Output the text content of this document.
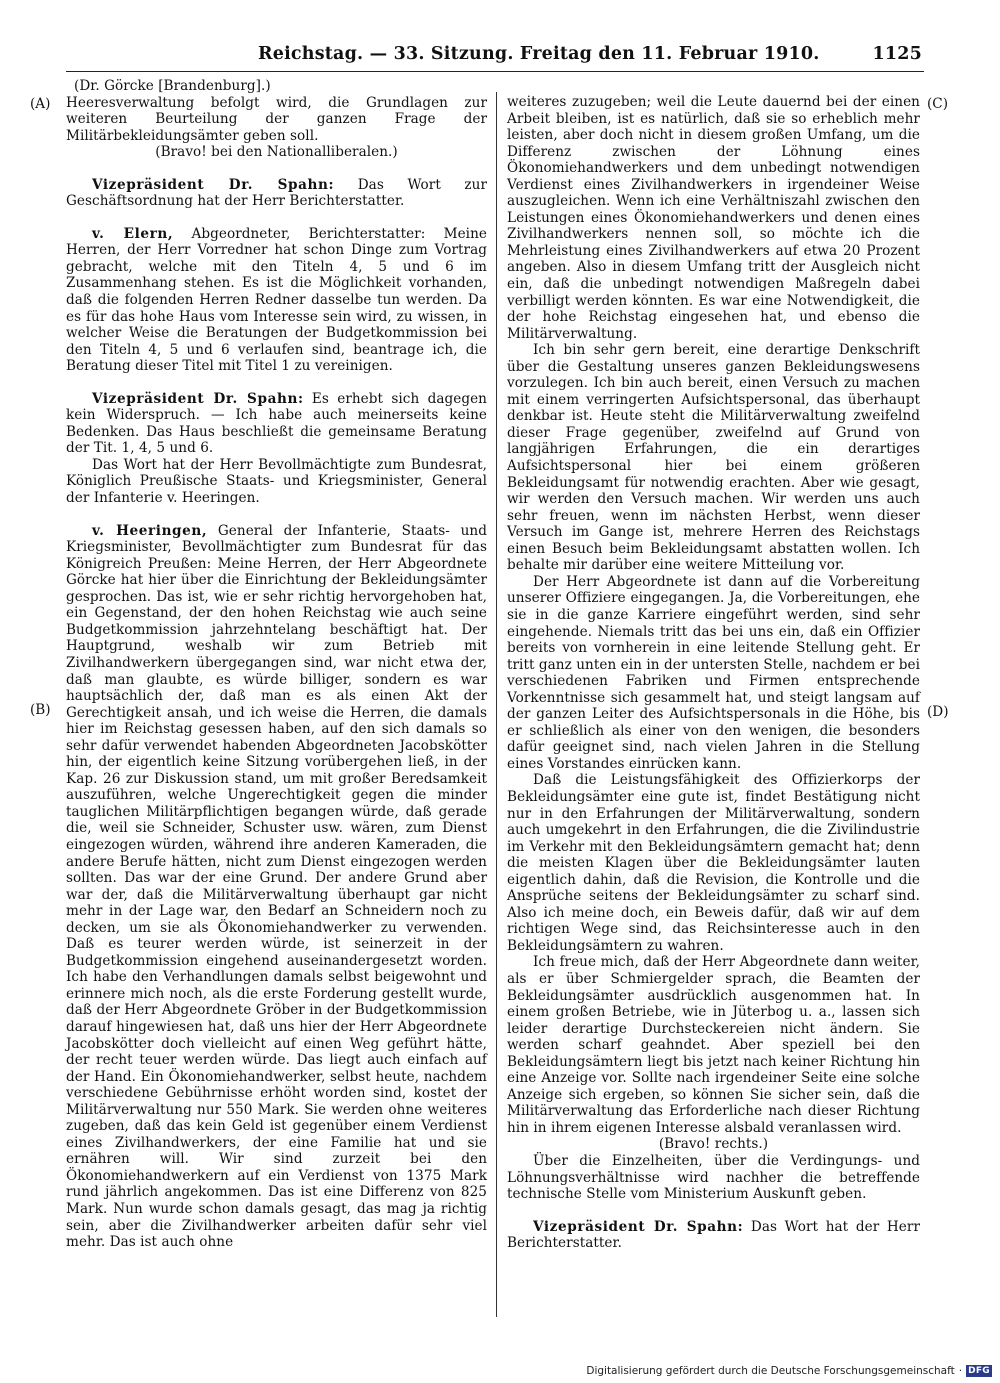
Reichstag. — 33. Sitzung. Freitag den 11. Februar 1910.	1125
(A)
(B)
(C)
(D)

(Dr. Görcke [Brandenburg].)

Heeresverwaltung befolgt wird, die Grundlagen zur weiteren Beurteilung der ganzen Frage der Militärbekleidungsämter geben soll.

(Bravo! bei den Nationalliberalen.)

Vizepräsident Dr. Spahn: Das Wort zur Geschäftsordnung hat der Herr Berichterstatter.

v. Elern, Abgeordneter, Berichterstatter: Meine Herren, der Herr Vorredner hat schon Dinge zum Vortrag gebracht, welche mit den Titeln 4, 5 und 6 im Zusammenhang stehen. Es ist die Möglichkeit vorhanden, daß die folgenden Herren Redner dasselbe tun werden. Da es für das hohe Haus vom Interesse sein wird, zu wissen, in welcher Weise die Beratungen der Budgetkommission bei den Titeln 4, 5 und 6 verlaufen sind, beantrage ich, die Beratung dieser Titel mit Titel 1 zu vereinigen.

Vizepräsident Dr. Spahn: Es erhebt sich dagegen kein Widerspruch. — Ich habe auch meinerseits keine Bedenken. Das Haus beschließt die gemeinsame Beratung der Tit. 1, 4, 5 und 6.

Das Wort hat der Herr Bevollmächtigte zum Bundesrat, Königlich Preußische Staats- und Kriegsminister, General der Infanterie v. Heeringen.

v. Heeringen, General der Infanterie, Staats- und Kriegsminister, Bevollmächtigter zum Bundesrat für das Königreich Preußen: Meine Herren, der Herr Abgeordnete Görcke hat hier über die Einrichtung der Bekleidungsämter gesprochen. Das ist, wie er sehr richtig hervorgehoben hat, ein Gegenstand, der den hohen Reichstag wie auch seine Budgetkommission jahrzehntelang beschäftigt hat. Der Hauptgrund, weshalb wir zum Betrieb mit Zivilhandwerkern übergegangen sind, war nicht etwa der, daß man glaubte, es würde billiger, sondern es war hauptsächlich der, daß man es als einen Akt der Gerechtigkeit ansah, und ich weise die Herren, die damals hier im Reichstag gesessen haben, auf den sich damals so sehr dafür verwendet habenden Abgeordneten Jacobskötter hin, der eigentlich keine Sitzung vorübergehen ließ, in der Kap. 26 zur Diskussion stand, um mit großer Beredsamkeit auszuführen, welche Ungerechtigkeit gegen die minder tauglichen Militärpflichtigen begangen würde, daß gerade die, weil sie Schneider, Schuster usw. wären, zum Dienst eingezogen würden, während ihre anderen Kameraden, die andere Berufe hätten, nicht zum Dienst eingezogen werden sollten. Das war der eine Grund. Der andere Grund aber war der, daß die Militärverwaltung überhaupt gar nicht mehr in der Lage war, den Bedarf an Schneidern noch zu decken, um sie als Ökonomiehandwerker zu verwenden. Daß es teurer werden würde, ist seinerzeit in der Budgetkommission eingehend auseinandergesetzt worden. Ich habe den Verhandlungen damals selbst beigewohnt und erinnere mich noch, als die erste Forderung gestellt wurde, daß der Herr Abgeordnete Gröber in der Budgetkommission darauf hingewiesen hat, daß uns hier der Herr Abgeordnete Jacobskötter doch vielleicht auf einen Weg geführt hätte, der recht teuer werden würde. Das liegt auch einfach auf der Hand. Ein Ökonomiehandwerker, selbst heute, nachdem verschiedene Gebührnisse erhöht worden sind, kostet der Militärverwaltung nur 550 Mark. Sie werden ohne weiteres zugeben, daß das kein Geld ist gegenüber einem Verdienst eines Zivilhandwerkers, der eine Familie hat und sie ernähren will. Wir sind zurzeit bei den Ökonomiehandwerkern auf ein Verdienst von 1375 Mark rund jährlich angekommen. Das ist eine Differenz von 825 Mark. Nun wurde schon damals gesagt, das mag ja richtig sein, aber die Zivilhandwerker arbeiten dafür sehr viel mehr. Das ist auch ohne

weiteres zuzugeben; weil die Leute dauernd bei der einen Arbeit bleiben, ist es natürlich, daß sie so erheblich mehr leisten, aber doch nicht in diesem großen Umfang, um die Differenz zwischen der Löhnung eines Ökonomiehandwerkers und dem unbedingt notwendigen Verdienst eines Zivilhandwerkers in irgendeiner Weise auszugleichen. Wenn ich eine Verhältniszahl zwischen den Leistungen eines Ökonomiehandwerkers und denen eines Zivilhandwerkers nennen soll, so möchte ich die Mehrleistung eines Zivilhandwerkers auf etwa 20 Prozent angeben. Also in diesem Umfang tritt der Ausgleich nicht ein, daß die unbedingt notwendigen Maßregeln dabei verbilligt werden könnten. Es war eine Notwendigkeit, die der hohe Reichstag eingesehen hat, und ebenso die Militärverwaltung.

Ich bin sehr gern bereit, eine derartige Denkschrift über die Gestaltung unseres ganzen Bekleidungswesens vorzulegen. Ich bin auch bereit, einen Versuch zu machen mit einem verringerten Aufsichtspersonal, das überhaupt denkbar ist. Heute steht die Militärverwaltung zweifelnd dieser Frage gegenüber, zweifelnd auf Grund von langjährigen Erfahrungen, die ein derartiges Aufsichtspersonal hier bei einem größeren Bekleidungsamt für notwendig erachten. Aber wie gesagt, wir werden den Versuch machen. Wir werden uns auch sehr freuen, wenn im nächsten Herbst, wenn dieser Versuch im Gange ist, mehrere Herren des Reichstags einen Besuch beim Bekleidungsamt abstatten wollen. Ich behalte mir darüber eine weitere Mitteilung vor.

Der Herr Abgeordnete ist dann auf die Vorbereitung unserer Offiziere eingegangen. Ja, die Vorbereitungen, ehe sie in die ganze Karriere eingeführt werden, sind sehr eingehende. Niemals tritt das bei uns ein, daß ein Offizier bereits von vornherein in eine leitende Stellung geht. Er tritt ganz unten ein in der untersten Stelle, nachdem er bei verschiedenen Fabriken und Firmen entsprechende Vorkenntnisse sich gesammelt hat, und steigt langsam auf der ganzen Leiter des Aufsichtspersonals in die Höhe, bis er schließlich als einer von den wenigen, die besonders dafür geeignet sind, nach vielen Jahren in die Stellung eines Vorstandes einrücken kann.

Daß die Leistungsfähigkeit des Offizierkorps der Bekleidungsämter eine gute ist, findet Bestätigung nicht nur in den Erfahrungen der Militärverwaltung, sondern auch umgekehrt in den Erfahrungen, die die Zivilindustrie im Verkehr mit den Bekleidungsämtern gemacht hat; denn die meisten Klagen über die Bekleidungsämter lauten eigentlich dahin, daß die Revision, die Kontrolle und die Ansprüche seitens der Bekleidungsämter zu scharf sind. Also ich meine doch, ein Beweis dafür, daß wir auf dem richtigen Wege sind, das Reichsinteresse auch in den Bekleidungsämtern zu wahren.

Ich freue mich, daß der Herr Abgeordnete dann weiter, als er über Schmiergelder sprach, die Beamten der Bekleidungsämter ausdrücklich ausgenommen hat. In einem großen Betriebe, wie in Jüterbog u. a., lassen sich leider derartige Durchsteckereien nicht ändern. Sie werden scharf geahndet. Aber speziell bei den Bekleidungsämtern liegt bis jetzt nach keiner Richtung hin eine Anzeige vor. Sollte nach irgendeiner Seite eine solche Anzeige sich ergeben, so können Sie sicher sein, daß die Militärverwaltung das Erforderliche nach dieser Richtung hin in ihrem eigenen Interesse alsbald veranlassen wird.

(Bravo! rechts.)

Über die Einzelheiten, über die Verdingungs- und Löhnungsverhältnisse wird nachher die betreffende technische Stelle vom Ministerium Auskunft geben.

Vizepräsident Dr. Spahn: Das Wort hat der Herr Berichterstatter.

Digitalisierung gefördert durch die Deutsche Forschungsgemeinschaft · DFG
